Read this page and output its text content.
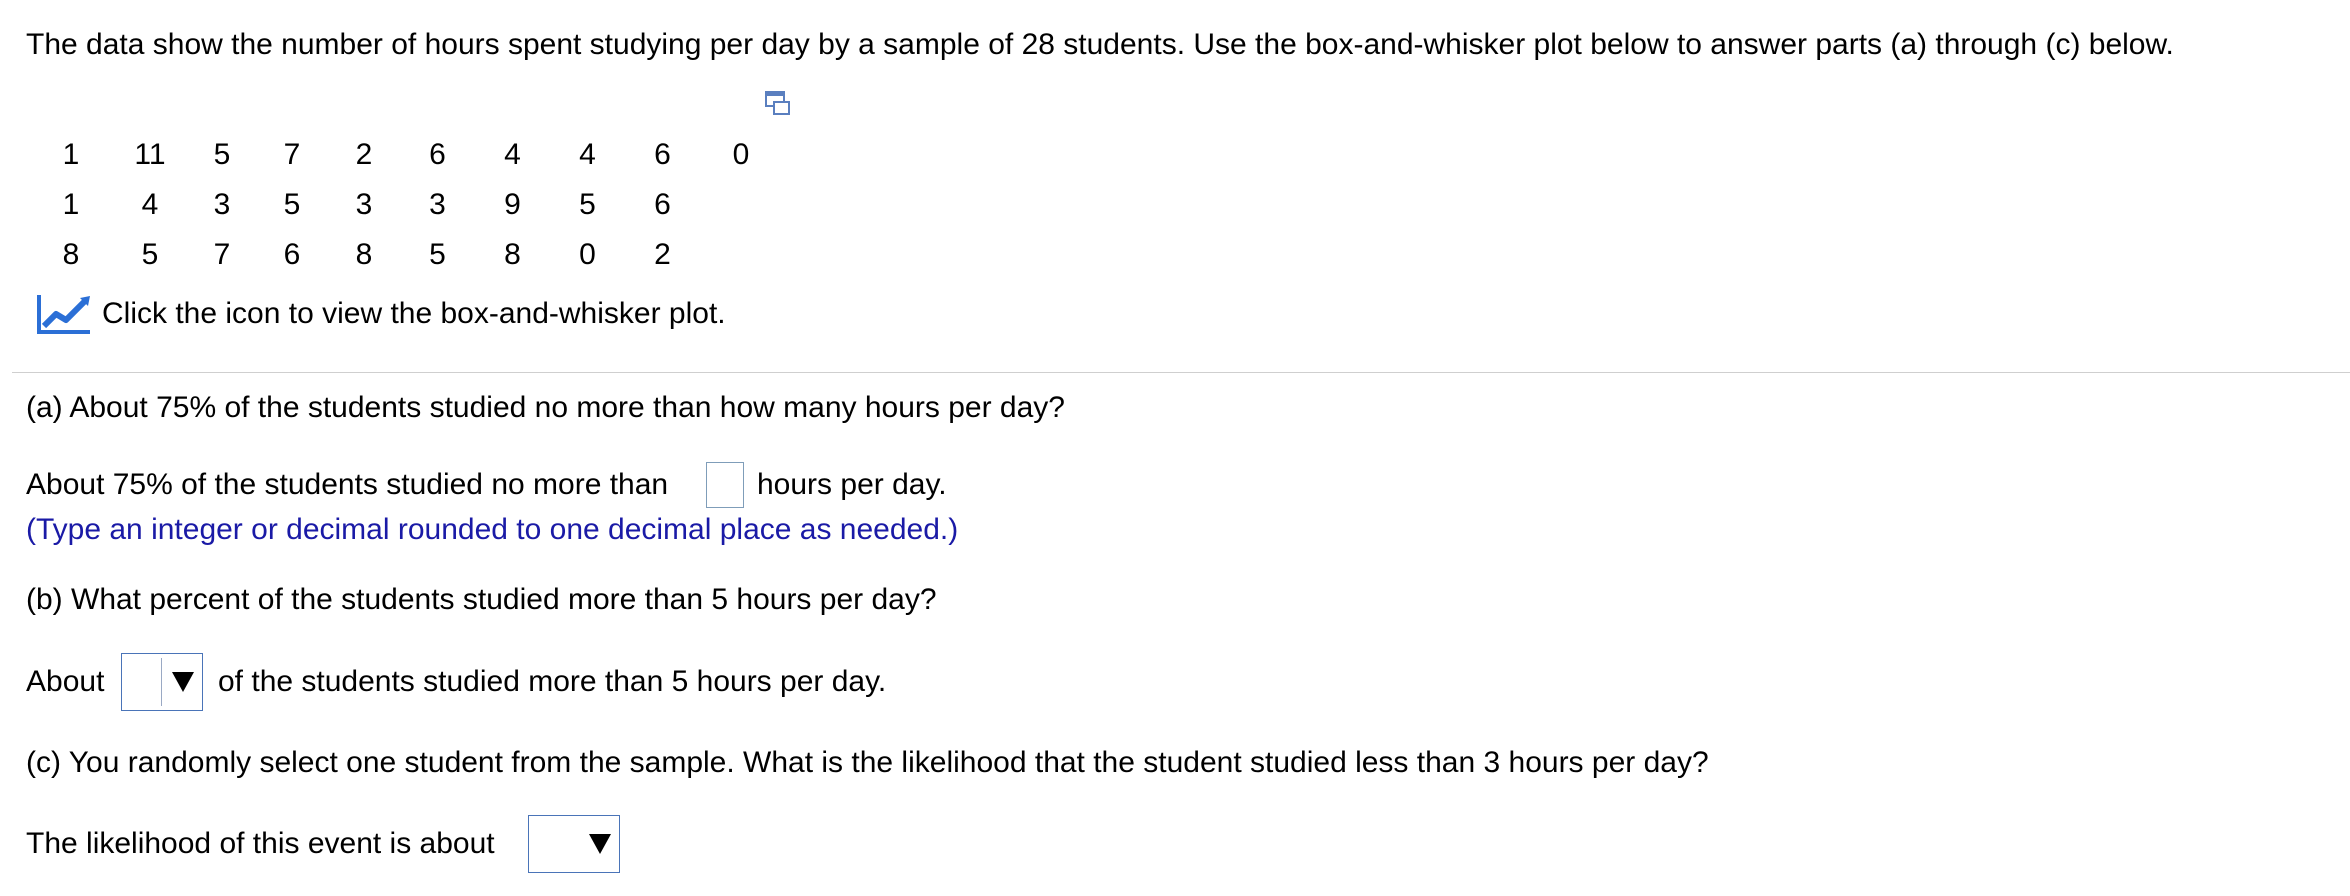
The data show the number of hours spent studying per day by a sample of 28 students. Use the box-and-whisker plot below to answer parts (a) through (c) below.
1	11	5	7	2	6	4	4	6	0
1	4	3	5	3	3	9	5	6	
8	5	7	6	8	5	8	0	2	
Click the icon to view the box-and-whisker plot.
(a) About 75% of the students studied no more than how many hours per day?
About 75% of the students studied no more than	hours per day.
(Type an integer or decimal rounded to one decimal place as needed.)
(b) What percent of the students studied more than 5 hours per day?
About	of the students studied more than 5 hours per day.
(c) You randomly select one student from the sample. What is the likelihood that the student studied less than 3 hours per day?
The likelihood of this event is about
